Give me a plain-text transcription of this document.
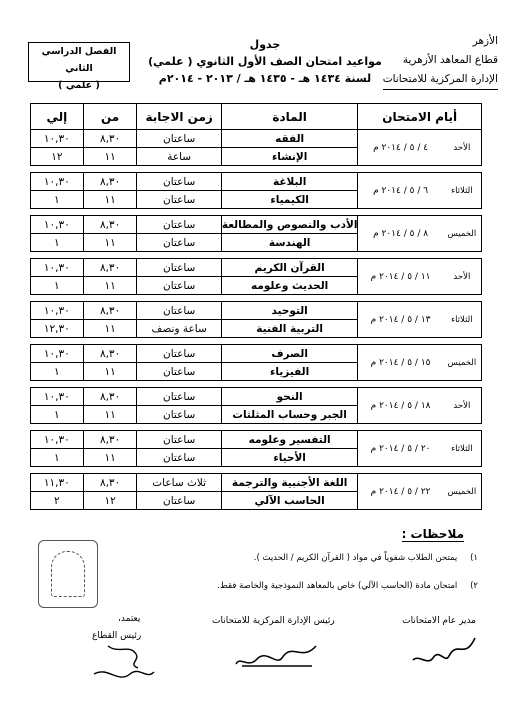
الأزهر
قطاع المعاهد الأزهرية
الإدارة المركزية للامتحانات
جدول
مواعيد امتحان الصف الأول الثانوي ( علمي)
لسنة ١٤٣٤ هـ - ١٤٣٥ هـ / ٢٠١٣ - ٢٠١٤م
الفصل الدراسي الثاني
( علمي )
أيام الامتحان		المادة	زمن الاجابة	من	إلي
الأحد	٤ / ٥ / ٢٠١٤ م	الفقه	ساعتان	٨,٣٠	١٠,٣٠
		الإنشاء	ساعة	١١	١٢

الثلاثاء	٦ / ٥ / ٢٠١٤ م	البلاغة	ساعتان	٨,٣٠	١٠,٣٠
		الكيمياء	ساعتان	١١	١

الخميس	٨ / ٥ / ٢٠١٤ م	الأدب والنصوص والمطالعة	ساعتان	٨,٣٠	١٠,٣٠
		الهندسة	ساعتان	١١	١

الأحد	١١ / ٥ / ٢٠١٤ م	القرآن الكريم	ساعتان	٨,٣٠	١٠,٣٠
		الحديث وعلومه	ساعتان	١١	١

الثلاثاء	١٣ / ٥ / ٢٠١٤ م	التوحيد	ساعتان	٨,٣٠	١٠,٣٠
		التربية الفنية	ساعة ونصف	١١	١٢,٣٠

الخميس	١٥ / ٥ / ٢٠١٤ م	الصرف	ساعتان	٨,٣٠	١٠,٣٠
		الفيزياء	ساعتان	١١	١

الأحد	١٨ / ٥ / ٢٠١٤ م	النحو	ساعتان	٨,٣٠	١٠,٣٠
		الجبر وحساب المثلثات	ساعتان	١١	١

الثلاثاء	٢٠ / ٥ / ٢٠١٤ م	التفسير وعلومه	ساعتان	٨,٣٠	١٠,٣٠
		الأحياء	ساعتان	١١	١

الخميس	٢٢ / ٥ / ٢٠١٤ م	اللغة الأجنبية والترجمة	ثلاث ساعات	٨,٣٠	١١,٣٠
		الحاسب الآلي	ساعتان	١٢	٢
ملاحظات :
١) يمتحن الطلاب شفوياً في مواد ( القرآن الكريم / الحديث ).
٢) امتحان مادة (الحاسب الآلي) خاص بالمعاهد النموذجية والخاصة فقط.
مدير عام الامتحانات
رئيس الإدارة المركزية للامتحانات
يعتمد،
رئيس القطاع
